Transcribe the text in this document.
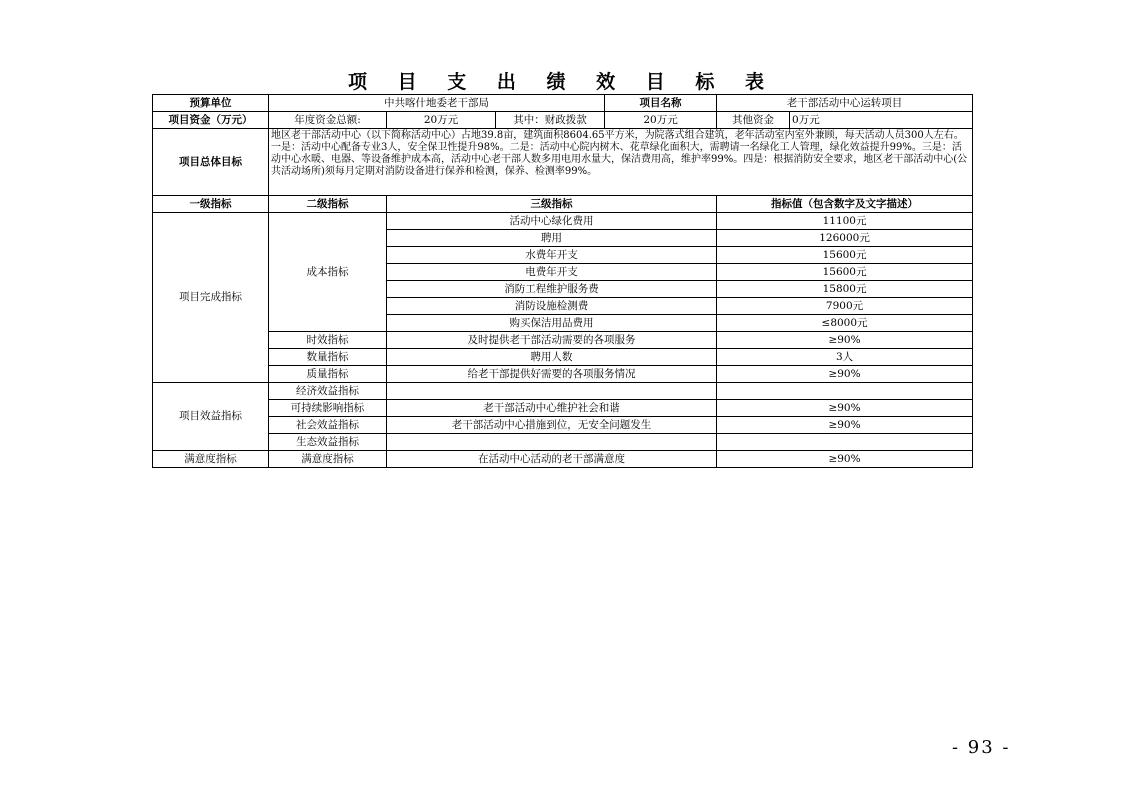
项 目 支 出 绩 效 目 标 表
预算单位	中共喀什地委老干部局			项目名称	老干部活动中心运转项目	
项目资金（万元）	年度资金总额:	20万元	其中：财政拨款	20万元	其他资金	0万元
项目总体目标	地区老干部活动中心（以下简称活动中心）占地39.8亩，建筑面积8604.65平方米，为院落式组合建筑，老年活动室内室外兼顾，每天活动人员300人左右。一是：活动中心配备专业3人，安全保卫性提升98%。二是：活动中心院内树木、花草绿化面积大，需聘请一名绿化工人管理，绿化效益提升99%。三是：活动中心水暖、电器、等设备维护成本高，活动中心老干部人数多用电用水量大，保洁费用高，维护率99%。四是：根据消防安全要求，地区老干部活动中心(公共活动场所)须每月定期对消防设备进行保养和检测，保养、检测率99%。					
一级指标	二级指标	三级指标			指标值（包含数字及文字描述）	
项目完成指标	成本指标	活动中心绿化费用			11100元	
		聘用			126000元	
		水费年开支			15600元	
		电费年开支			15600元	
		消防工程维护服务费			15800元	
		消防设施检测费			7900元	
		购买保洁用品费用			≤8000元	
	时效指标	及时提供老干部活动需要的各项服务			≥90%	
	数量指标	聘用人数			3人	
	质量指标	给老干部提供好需要的各项服务情况			≥90%	
项目效益指标	经济效益指标					
	可持续影响指标	老干部活动中心维护社会和谐			≥90%	
	社会效益指标	老干部活动中心措施到位，无安全问题发生			≥90%	
	生态效益指标					
满意度指标	满意度指标	在活动中心活动的老干部满意度			≥90%	
- 93 -
